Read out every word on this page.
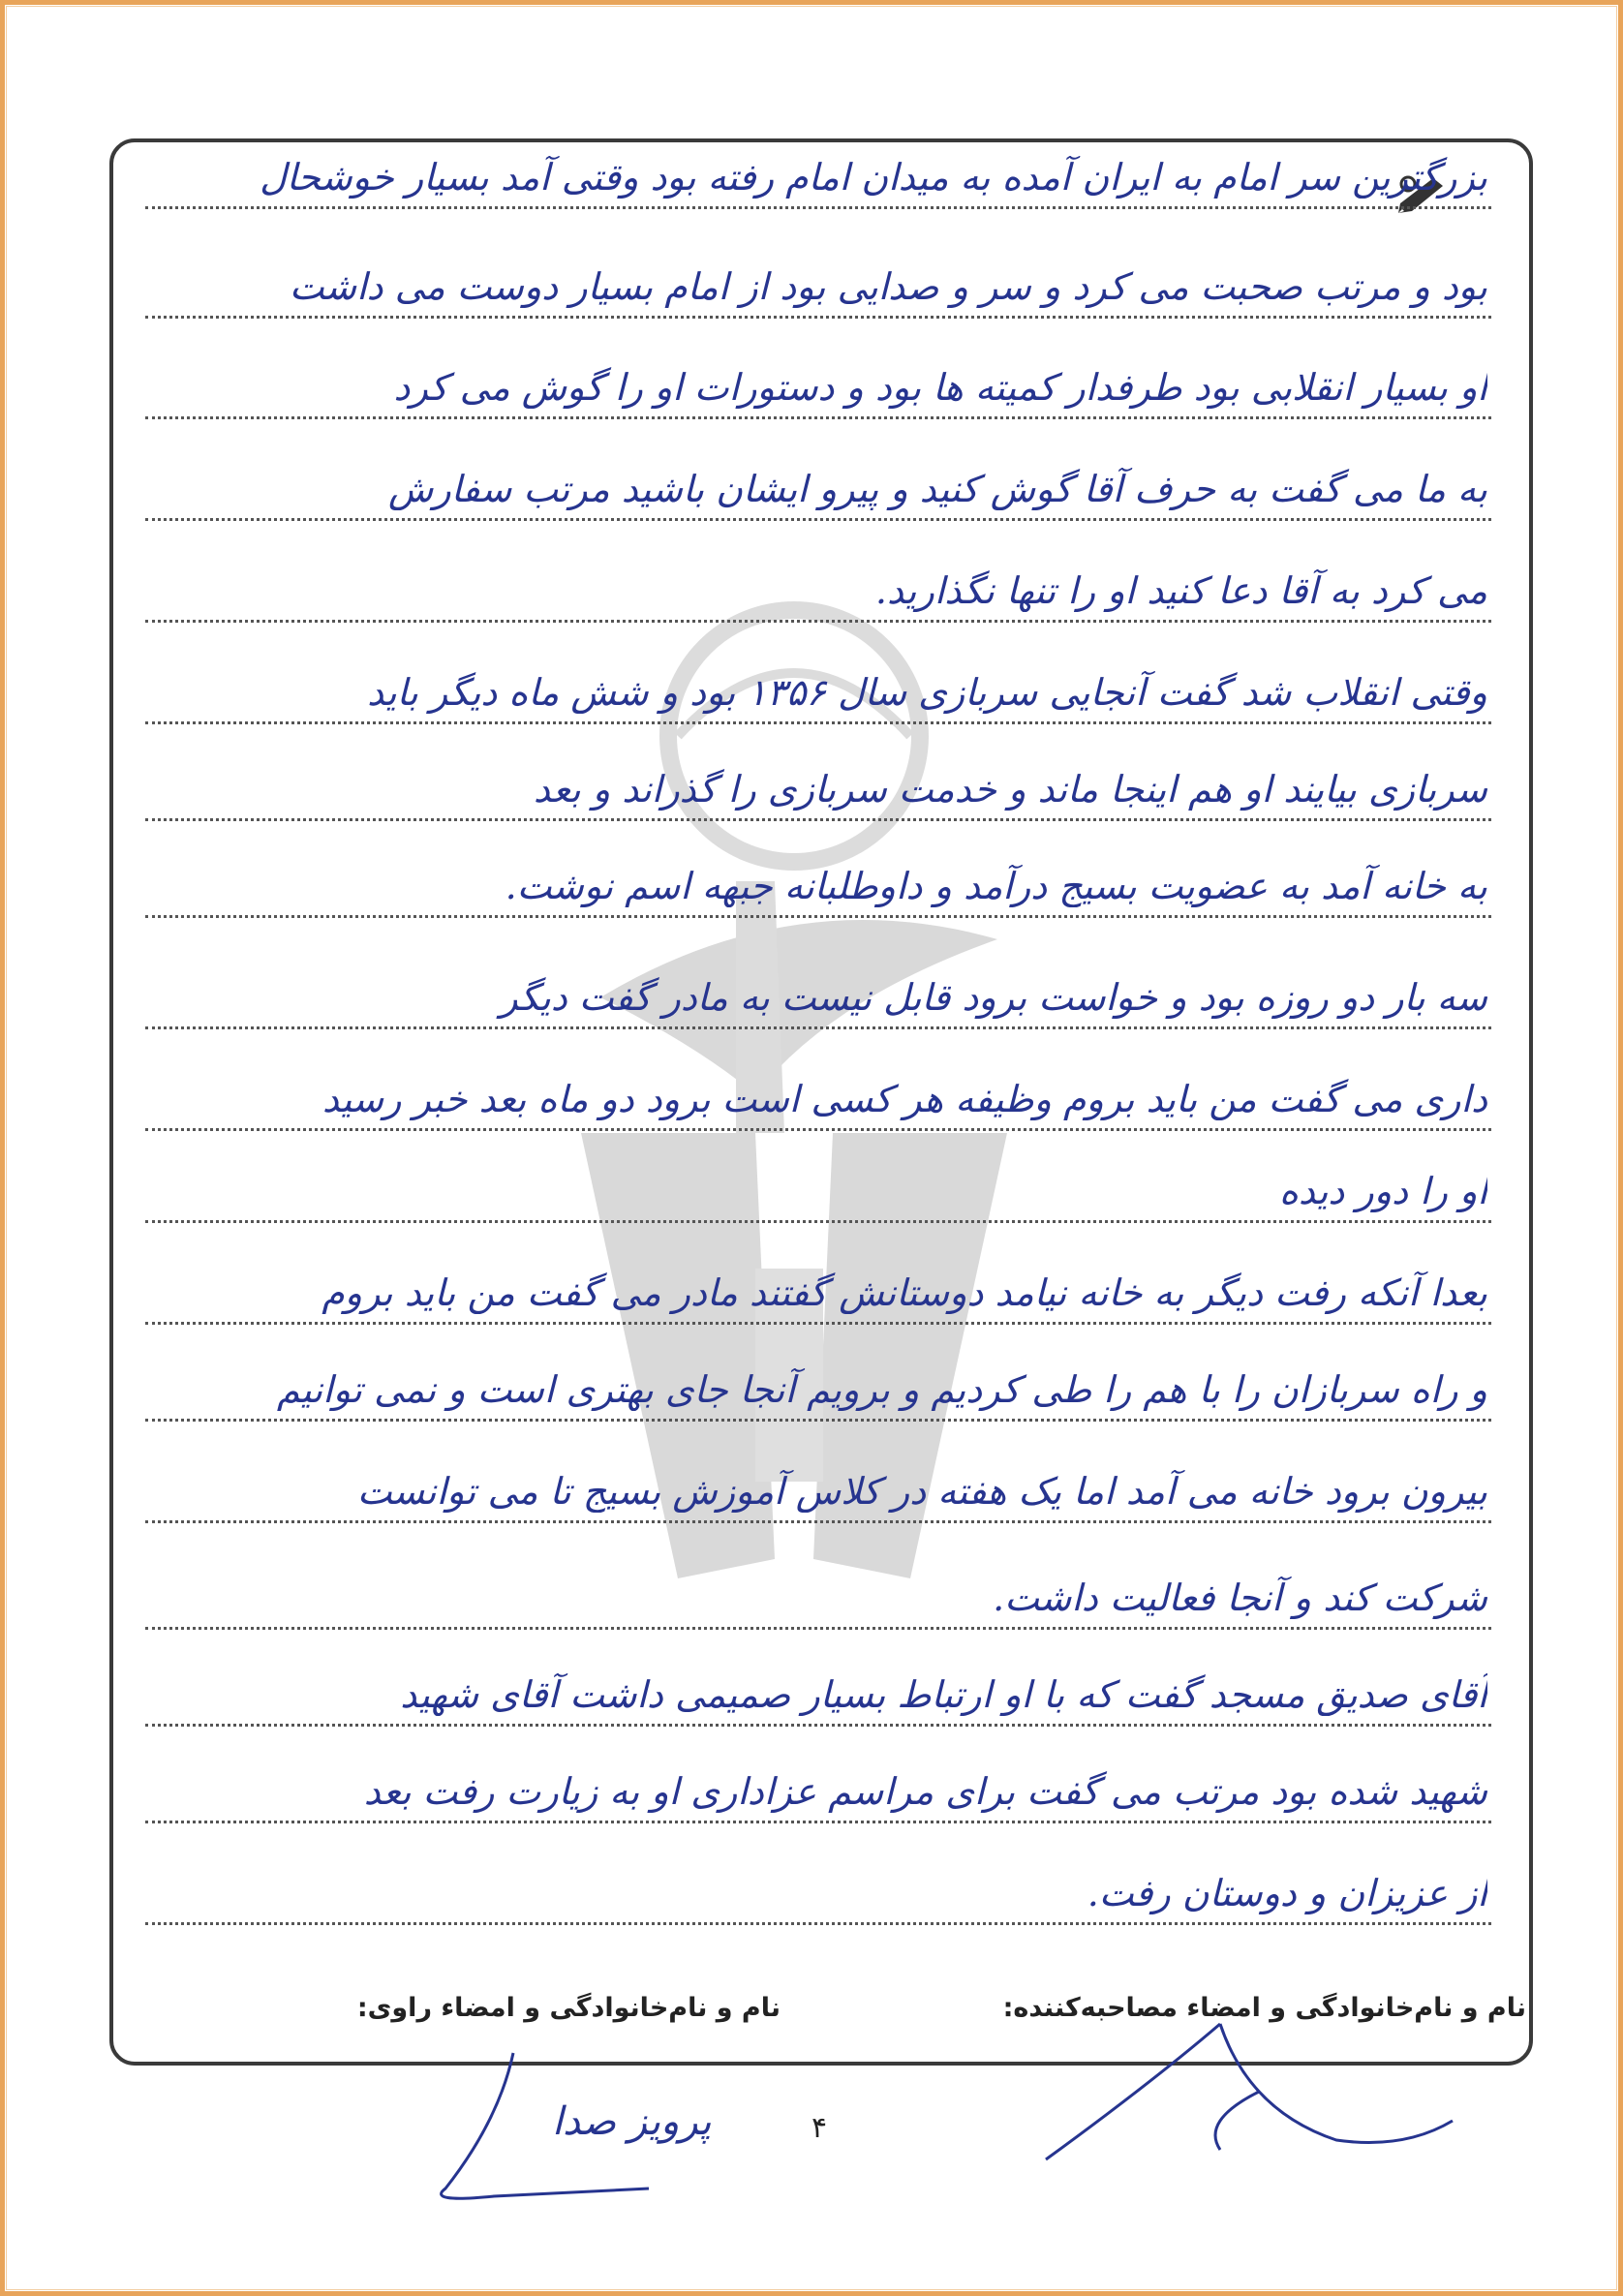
بزرگترین سر امام به ایران آمده به میدان امام رفته بود وقتی آمد بسیار خوشحال
بود و مرتب صحبت می کرد و سر و صدایی بود از امام بسیار دوست می داشت
او بسیار انقلابی بود طرفدار کمیته ها بود و دستورات او را گوش می کرد
به ما می گفت به حرف آقا گوش کنید و پیرو ایشان باشید مرتب سفارش
می کرد به آقا دعا کنید او را تنها نگذارید.
وقتی انقلاب شد گفت آنجایی سربازی سال ۱۳۵۶ بود و شش ماه دیگر باید
سربازی بیایند او هم اینجا ماند و خدمت سربازی را گذراند و بعد
به خانه آمد به عضویت بسیج درآمد و داوطلبانه جبهه اسم نوشت.
سه بار دو روزه بود و خواست برود قابل نیست به مادر گفت دیگر
داری می گفت من باید بروم وظیفه هر کسی است برود دو ماه بعد خبر رسید
او را دور دیده
بعدا آنکه رفت دیگر به خانه نیامد دوستانش گفتند مادر می گفت من باید بروم
و راه سربازان را با هم را طی کردیم و برویم آنجا جای بهتری است و نمی توانیم
بیرون برود خانه می آمد اما یک هفته در کلاس آموزش بسیج تا می توانست
شرکت کند و آنجا فعالیت داشت.
آقای صدیق مسجد گفت که با او ارتباط بسیار صمیمی داشت آقای شهید
شهید شده بود مرتب می گفت برای مراسم عزاداری او به زیارت رفت بعد
از عزیزان و دوستان رفت.
نام و نام‌خانوادگی و امضاء مصاحبه‌کننده:
نام و نام‌خانوادگی و امضاء راوی:
پرویز صدا	۴
